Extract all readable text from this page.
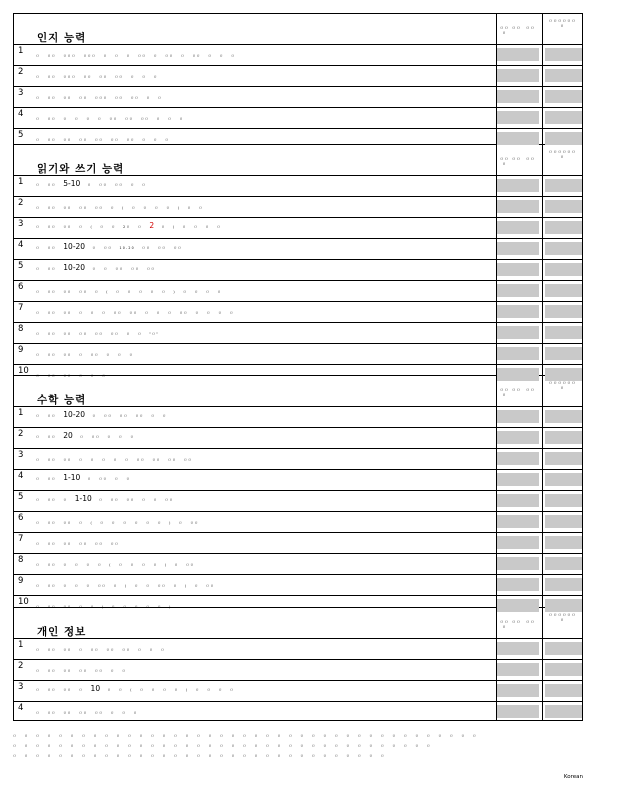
인지 능력
ㅁ ㅁ ㅁ
ㅁ ㅁ ㅁ ㅁ
ㅁ ㅁ ㅁ ㅁ ㅁ ㅁ ㅁ
1	ㅁ ㅁㅁ ㅁㅁㅁ ㅁㅁㅁ ㅁ ㅁ ㅁ ㅁㅁ ㅁ ㅁㅁ ㅁ ㅁㅁ ㅁ ㅁ ㅁ
2	ㅁ ㅁㅁ ㅁㅁㅁ ㅁㅁ ㅁㅁ ㅁㅁ ㅁ ㅁ ㅁ
3	ㅁ ㅁㅁ ㅁㅁ ㅁㅁ ㅁㅁㅁ ㅁㅁ ㅁㅁ ㅁ ㅁ
4	ㅁ ㅁㅁ ㅁ ㅁ ㅁ ㅁ ㅁㅁ ㅁㅁ ㅁㅁ ㅁ ㅁ ㅁ
5	ㅁ ㅁㅁ ㅁㅁ ㅁㅁ ㅁㅁ ㅁㅁ ㅁㅁ ㅁ ㅁ ㅁ
읽기와 쓰기 능력
ㅁ ㅁ ㅁ
ㅁ ㅁ ㅁ ㅁ
ㅁ ㅁ ㅁ ㅁ ㅁ ㅁ ㅁ
1	ㅁ ㅁㅁ 5-10 ㅁ ㅁㅁ ㅁㅁ ㅁ ㅁ
2	ㅁ ㅁㅁ ㅁㅁ ㅁㅁ ㅁㅁ ㅁ ( ㅁ ㅁ ㅁ ㅁ ) ㅁ ㅁ
3	ㅁ ㅁㅁ ㅁㅁ ㅁ ( ㅁ ㅁ 2ㅁ ㅁ 2 ㅁ ) ㅁ ㅁ ㅁ ㅁ
4	ㅁ ㅁㅁ 10-20 ㅁ ㅁㅁ 10-20 ㅁㅁ ㅁㅁ ㅁㅁ
5	ㅁ ㅁㅁ 10-20 ㅁ ㅁ ㅁㅁ ㅁㅁ ㅁㅁ
6	ㅁ ㅁㅁ ㅁㅁ ㅁㅁ ㅁ ( ㅁ ㅁ ㅁ ㅁ ㅁ ) ㅁ ㅁ ㅁ ㅁ
7	ㅁ ㅁㅁ ㅁㅁ ㅁ ㅁ ㅁ ㅁㅁ ㅁㅁ ㅁ ㅁ ㅁ ㅁㅁ ㅁ ㅁ ㅁ ㅁ
8	ㅁ ㅁㅁ ㅁㅁ ㅁㅁ ㅁㅁ ㅁㅁ ㅁ ㅁ "ㅁ"
9	ㅁ ㅁㅁ ㅁㅁ ㅁ ㅁㅁ ㅁ ㅁ ㅁ
10 ㅁ ㅁㅁ ㅁㅁ ㅁ ㅁ ㅁ
수학 능력
ㅁ ㅁ ㅁ
ㅁ ㅁ ㅁ ㅁ
ㅁ ㅁ ㅁ ㅁ ㅁ ㅁ ㅁ
1	ㅁ ㅁㅁ 10-20 ㅁ ㅁㅁ ㅁㅁ ㅁㅁ ㅁ ㅁ
2	ㅁ ㅁㅁ 20 ㅁ ㅁㅁ ㅁ ㅁ ㅁ
3	ㅁ ㅁㅁ ㅁㅁ ㅁ ㅁ ㅁ ㅁ ㅁ ㅁㅁ ㅁㅁ ㅁㅁ ㅁㅁ
4	ㅁ ㅁㅁ 1-10 ㅁ ㅁㅁ ㅁ ㅁ
5	ㅁ ㅁㅁ ㅁ 1-10 ㅁ ㅁㅁ ㅁㅁ ㅁ ㅁ ㅁㅁ
6	ㅁ ㅁㅁ ㅁㅁ ㅁ ( ㅁ ㅁ ㅁ ㅁ ㅁ ㅁ ) ㅁ ㅁㅁ
7	ㅁ ㅁㅁ ㅁㅁ ㅁㅁ ㅁㅁ ㅁㅁ
8	ㅁ ㅁㅁ ㅁ ㅁ ㅁ ㅁ ( ㅁ ㅁ ㅁ ㅁ ) ㅁ ㅁㅁ
9	ㅁ ㅁㅁ ㅁ ㅁ ㅁ ㅁㅁ ㅁ ( ㅁ ㅁ ㅁㅁ ㅁ ) ㅁ ㅁㅁ
10 ㅁ ㅁㅁ ㅁㅁ ㅁ ㅁ ( ㅁ ㅁ ㅁ ㅁ ㅁ ).
개인 정보
ㅁ ㅁ ㅁ
ㅁ ㅁ ㅁ ㅁ
ㅁ ㅁ ㅁ ㅁ ㅁ ㅁ ㅁ
1	ㅁ ㅁㅁ ㅁㅁ ㅁ ㅁㅁ ㅁㅁ ㅁㅁ ㅁ ㅁ ㅁ
2	ㅁ ㅁㅁ ㅁㅁ ㅁㅁ ㅁㅁ ㅁ ㅁ
3	ㅁ ㅁㅁ ㅁㅁ ㅁ 10 ㅁ ㅁ ( ㅁ ㅁ ㅁ ㅁ ) ㅁ ㅁ ㅁ ㅁ
4	ㅁ ㅁㅁ ㅁㅁ ㅁㅁ ㅁㅁ ㅁ ㅁ ㅁ
ㅁ ㅁ ㅁ ㅁ ㅁ ㅁ ㅁ ㅁ ㅁ ㅁ ㅁ ㅁ ㅁ ㅁ ㅁ ㅁ ㅁ ㅁ ㅁ ㅁ ㅁ ㅁ ㅁ ㅁ ㅁ ㅁ ㅁ ㅁ ㅁ ㅁ ㅁ ㅁ ㅁ ㅁ ㅁ ㅁ ㅁ ㅁ ㅁ ㅁ ㅁ
ㅁ ㅁ ㅁ ㅁ ㅁ ㅁ ㅁ ㅁ ㅁ ㅁ ㅁ ㅁ ㅁ ㅁ ㅁ ㅁ ㅁ ㅁ ㅁ ㅁ ㅁ ㅁ ㅁ ㅁ ㅁ ㅁ ㅁ ㅁ ㅁ ㅁ ㅁ ㅁ ㅁ ㅁ ㅁ ㅁ ㅁ
ㅁ ㅁ ㅁ ㅁ ㅁ ㅁ ㅁ ㅁ ㅁ ㅁ ㅁ ㅁ ㅁ ㅁ ㅁ ㅁ ㅁ ㅁ ㅁ ㅁ ㅁ ㅁ ㅁ ㅁ ㅁ ㅁ ㅁ ㅁ ㅁ ㅁ ㅁ ㅁ ㅁ
Korean
